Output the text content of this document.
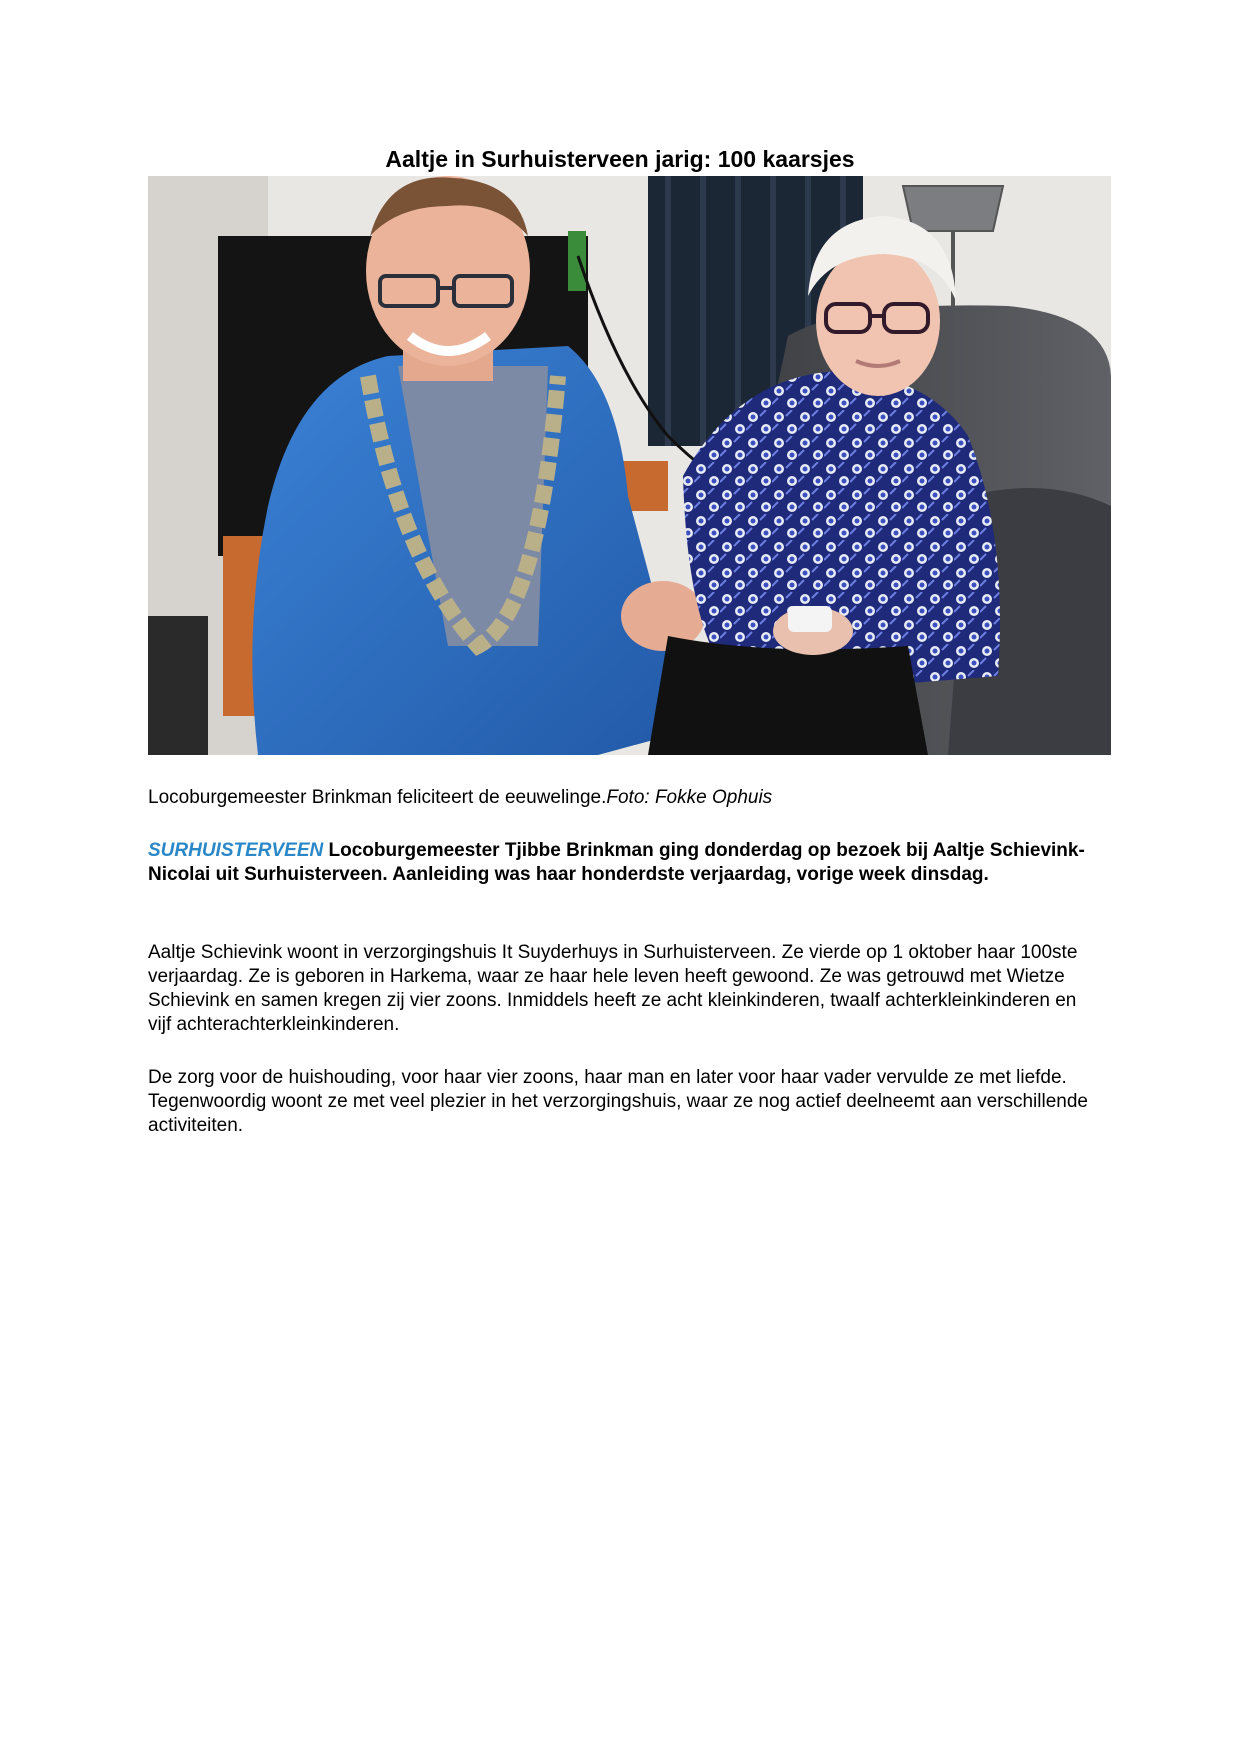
Aaltje in Surhuisterveen jarig: 100 kaarsjes

Locoburgemeester Brinkman feliciteert de eeuwelinge.Foto: Fokke Ophuis

SURHUISTERVEEN Locoburgemeester Tjibbe Brinkman ging donderdag op bezoek bij Aaltje Schievink-Nicolai uit Surhuisterveen. Aanleiding was haar honderdste verjaardag, vorige week dinsdag.

Aaltje Schievink woont in verzorgingshuis It Suyderhuys in Surhuisterveen. Ze vierde op 1 oktober haar 100ste verjaardag. Ze is geboren in Harkema, waar ze haar hele leven heeft gewoond. Ze was getrouwd met Wietze Schievink en samen kregen zij vier zoons. Inmiddels heeft ze acht kleinkinderen, twaalf achterkleinkinderen en vijf achterachterkleinkinderen.

De zorg voor de huishouding, voor haar vier zoons, haar man en later voor haar vader vervulde ze met liefde. Tegenwoordig woont ze met veel plezier in het verzorgingshuis, waar ze nog actief deelneemt aan verschillende activiteiten.
